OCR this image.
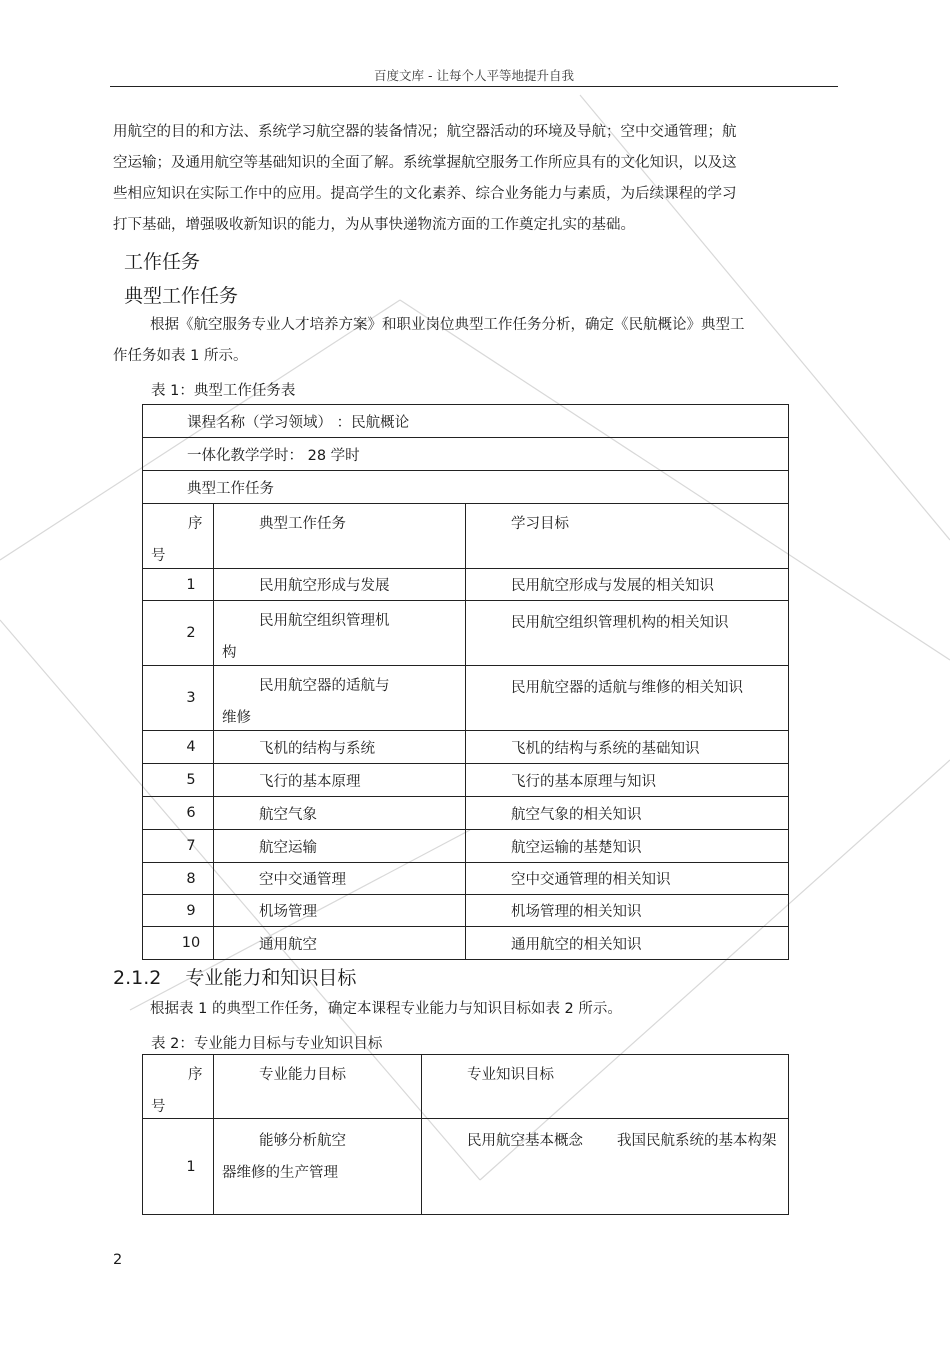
百度文库 - 让每个人平等地提升自我
用航空的目的和方法、系统学习航空器的装备情况；航空器活动的环境及导航；空中交通管理；航
空运输；及通用航空等基础知识的全面了解。系统掌握航空服务工作所应具有的文化知识，以及这
些相应知识在实际工作中的应用。提高学生的文化素养、综合业务能力与素质，为后续课程的学习
打下基础，增强吸收新知识的能力，为从事快递物流方面的工作奠定扎实的基础。
工作任务
典型工作任务
根据《航空服务专业人才培养方案》和职业岗位典型工作任务分析，确定《民航概论》典型工
作任务如表 1 所示。
表 1：典型工作任务表
课程名称（学习领域） ：民航概论		
一体化教学学时： 28 学时		
典型工作任务		

序
号	典型工作任务	学习目标
1	民用航空形成与发展	民用航空形成与发展的相关知识
2	民用航空组织管理机
构	民用航空组织管理机构的相关知识
3	民用航空器的适航与
维修	民用航空器的适航与维修的相关知识
4	飞机的结构与系统	飞机的结构与系统的基础知识
5	飞行的基本原理	飞行的基本原理与知识
6	航空气象	航空气象的相关知识
7	航空运输	航空运输的基楚知识
8	空中交通管理	空中交通管理的相关知识
9	机场管理	机场管理的相关知识
10	通用航空	通用航空的相关知识
2.1.2 专业能力和知识目标
根据表 1 的典型工作任务，确定本课程专业能力与知识目标如表 2 所示。
表 2：专业能力目标与专业知识目标
序
号	专业能力目标	专业知识目标
1	能够分析航空
器维修的生产管理	民用航空基本概念 我国民航系统的基本构架
2
